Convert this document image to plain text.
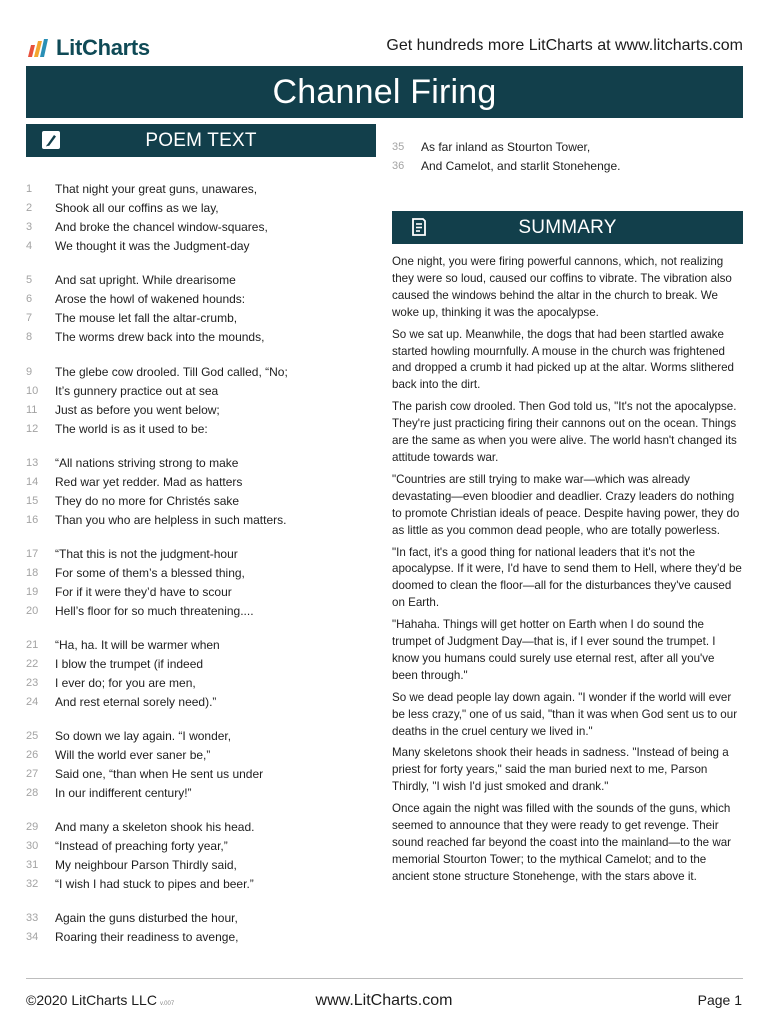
LitCharts	Get hundreds more LitCharts at www.litcharts.com
Channel Firing
POEM TEXT
SUMMARY

One night, you were firing powerful cannons, which, not realizing they were so loud, caused our coffins to vibrate. The vibration also caused the windows behind the altar in the church to break. We woke up, thinking it was the apocalypse.

So we sat up. Meanwhile, the dogs that had been startled awake started howling mournfully. A mouse in the church was frightened and dropped a crumb it had picked up at the altar. Worms slithered back into the dirt.

The parish cow drooled. Then God told us, "It's not the apocalypse. They're just practicing firing their cannons out on the ocean. Things are the same as when you were alive. The world hasn't changed its attitude towards war.

"Countries are still trying to make war—which was already devastating—even bloodier and deadlier. Crazy leaders do nothing to promote Christian ideals of peace. Despite having power, they do as little as you common dead people, who are totally powerless.

"In fact, it's a good thing for national leaders that it's not the apocalypse. If it were, I'd have to send them to Hell, where they'd be doomed to clean the floor—all for the disturbances they've caused on Earth.

"Hahaha. Things will get hotter on Earth when I do sound the trumpet of Judgment Day—that is, if I ever sound the trumpet. I know you humans could surely use eternal rest, after all you've been through."

So we dead people lay down again. "I wonder if the world will ever be less crazy," one of us said, "than it was when God sent us to our deaths in the cruel century we lived in."

Many skeletons shook their heads in sadness. "Instead of being a priest for forty years," said the man buried next to me, Parson Thirdly, "I wish I'd just smoked and drank."

Once again the night was filled with the sounds of the guns, which seemed to announce that they were ready to get revenge. Their sound reached far beyond the coast into the mainland—to the war memorial Stourton Tower; to the mythical Camelot; and to the ancient stone structure Stonehenge, with the stars above it.

©2020 LitCharts LLC v.007	www.LitCharts.com	Page 1
1	That night your great guns, unawares,
2	Shook all our coffins as we lay,
3	And broke the chancel window-squares,
4	We thought it was the Judgment-day
5	And sat upright. While drearisome
6	Arose the howl of wakened hounds:
7	The mouse let fall the altar-crumb,
8	The worms drew back into the mounds,
9	The glebe cow drooled. Till God called, “No;
10	It’s gunnery practice out at sea
11	Just as before you went below;
12	The world is as it used to be:
13	“All nations striving strong to make
14	Red war yet redder. Mad as hatters
15	They do no more for Christés sake
16	Than you who are helpless in such matters.
17	“That this is not the judgment-hour
18	For some of them’s a blessed thing,
19	For if it were they’d have to scour
20	Hell’s floor for so much threatening....
21	“Ha, ha. It will be warmer when
22	I blow the trumpet (if indeed
23	I ever do; for you are men,
24	And rest eternal sorely need).”
25	So down we lay again. “I wonder,
26	Will the world ever saner be,”
27	Said one, “than when He sent us under
28	In our indifferent century!”
29	And many a skeleton shook his head.
30	“Instead of preaching forty year,”
31	My neighbour Parson Thirdly said,
32	“I wish I had stuck to pipes and beer.”
33	Again the guns disturbed the hour,
34	Roaring their readiness to avenge,
35	As far inland as Stourton Tower,
36	And Camelot, and starlit Stonehenge.
